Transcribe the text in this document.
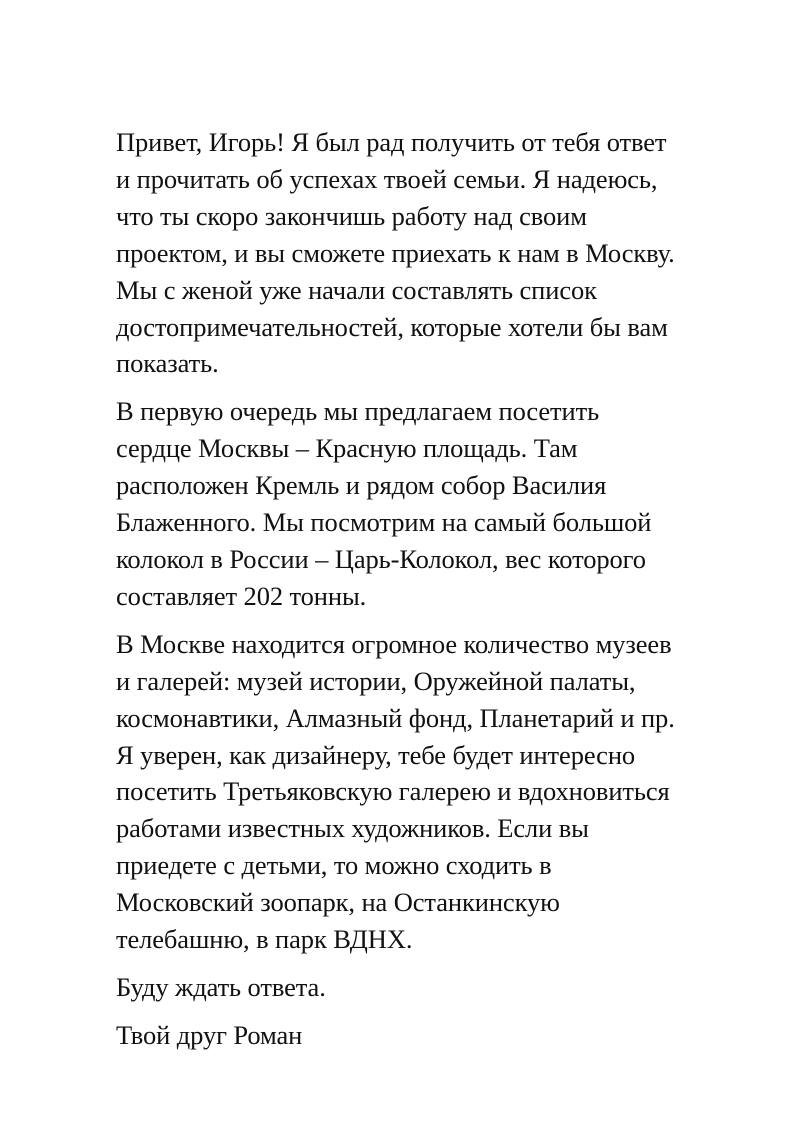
Привет, Игорь! Я был рад получить от тебя ответ
и прочитать об успехах твоей семьи. Я надеюсь,
что ты скоро закончишь работу над своим
проектом, и вы сможете приехать к нам в Москву.
Мы с женой уже начали составлять список
достопримечательностей, которые хотели бы вам
показать.

В первую очередь мы предлагаем посетить
сердце Москвы – Красную площадь. Там
расположен Кремль и рядом собор Василия
Блаженного. Мы посмотрим на самый большой
колокол в России – Царь-Колокол, вес которого
составляет 202 тонны.

В Москве находится огромное количество музеев
и галерей: музей истории, Оружейной палаты,
космонавтики, Алмазный фонд, Планетарий и пр.
Я уверен, как дизайнеру, тебе будет интересно
посетить Третьяковскую галерею и вдохновиться
работами известных художников. Если вы
приедете с детьми, то можно сходить в
Московский зоопарк, на Останкинскую
телебашню, в парк ВДНХ.

Буду ждать ответа.

Твой друг Роман
